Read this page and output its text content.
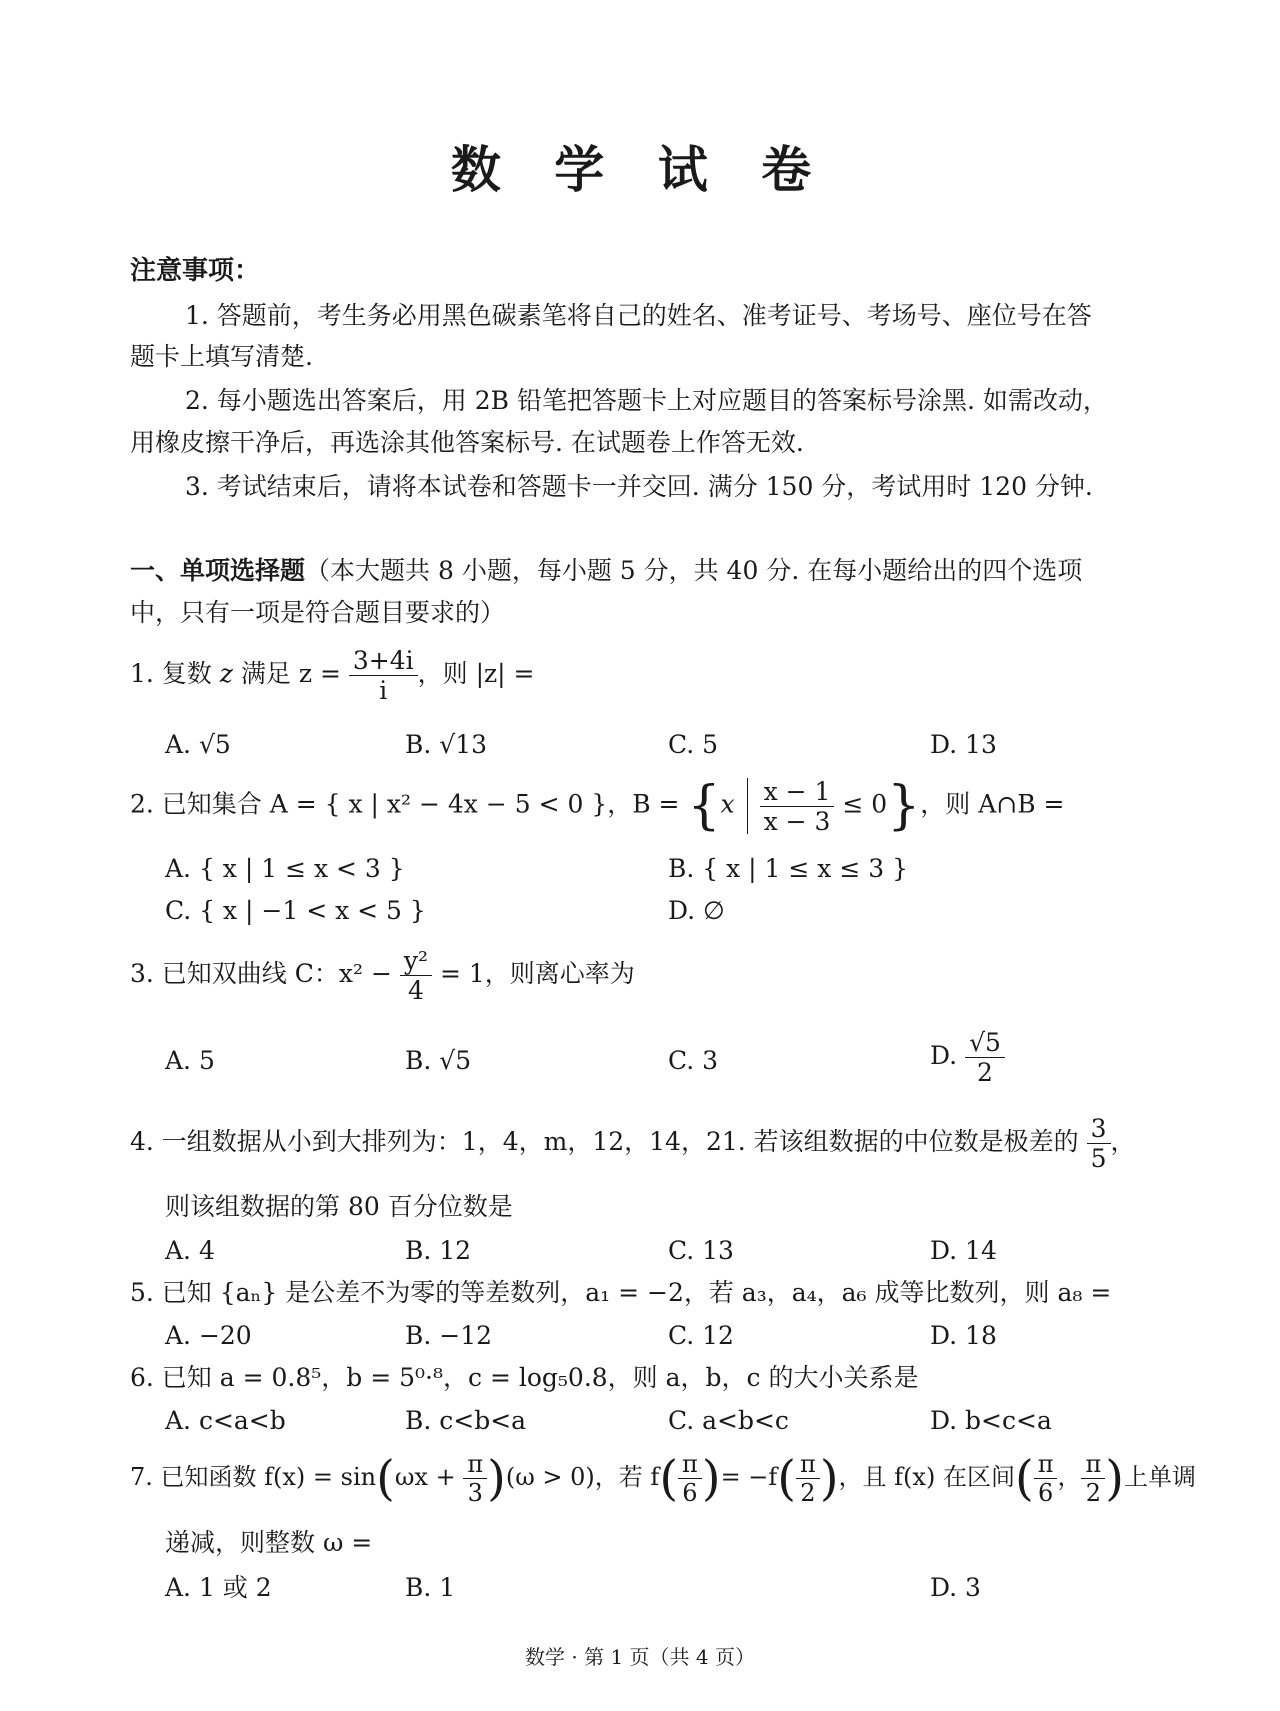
数 学 试 卷
注意事项：
1. 答题前，考生务必用黑色碳素笔将自己的姓名、准考证号、考场号、座位号在答
题卡上填写清楚.
2. 每小题选出答案后，用 2B 铅笔把答题卡上对应题目的答案标号涂黑. 如需改动，
用橡皮擦干净后，再选涂其他答案标号. 在试题卷上作答无效.
3. 考试结束后，请将本试卷和答题卡一并交回. 满分 150 分，考试用时 120 分钟.
一、单项选择题（本大题共 8 小题，每小题 5 分，共 40 分. 在每小题给出的四个选项
中，只有一项是符合题目要求的）
1. 复数 z 满足 $z = \frac{3+4i}{i}$ ，则 |z| =
A. √5	B. √13	C. 5	D. 13
2. 已知集合 A = { x | x² − 4x − 5 < 0 }，$B = \{x \frac{x - 1}{x - 3} \le 0\}$，则 A∩B =
A. { x | 1 ≤ x < 3 }	B. { x | 1 ≤ x ≤ 3 }
C. { x | −1 < x < 5 }	D. ∅
3. 已知双曲线 C：$x^2 - \frac{\text{y²}}{4} = 1$，则离心率为
A. 5	B. √5	C. 3	D. $\frac{√5}{2}$
4. 一组数据从小到大排列为：1，4，m，12，14，21. 若该组数据的中位数是极差的 $\frac{3}{5}$ ，
则该组数据的第 80 百分位数是
A. 4	B. 12	C. 13	D. 14
5. 已知 {aₙ} 是公差不为零的等差数列，a₁ = −2，若 a₃，a₄，a₆ 成等比数列，则 a₈ =
A. −20	B. −12	C. 12	D. 18
6. 已知 a = 0.8⁵，b = 5⁰·⁸，c = log₅0.8，则 a，b，c 的大小关系是
A. c<a<b	B. c<b<a	C. a<b<c	D. b<c<a
7. 已知函数 $f(x) = \sin(\omega x + \frac{\pi}{3} )(\omega > 0)$，若 $f( \frac{\pi}{6}$ )= $-f( \frac{\pi}{2}$ )，且 f(x) 在区间( $\frac{\pi}{6}$ ， $\frac{\pi}{2}$ )上单调
递减，则整数 ω =
A. 1 或 2	B. 1	D. 3
数学 · 第 1 页（共 4 页）
